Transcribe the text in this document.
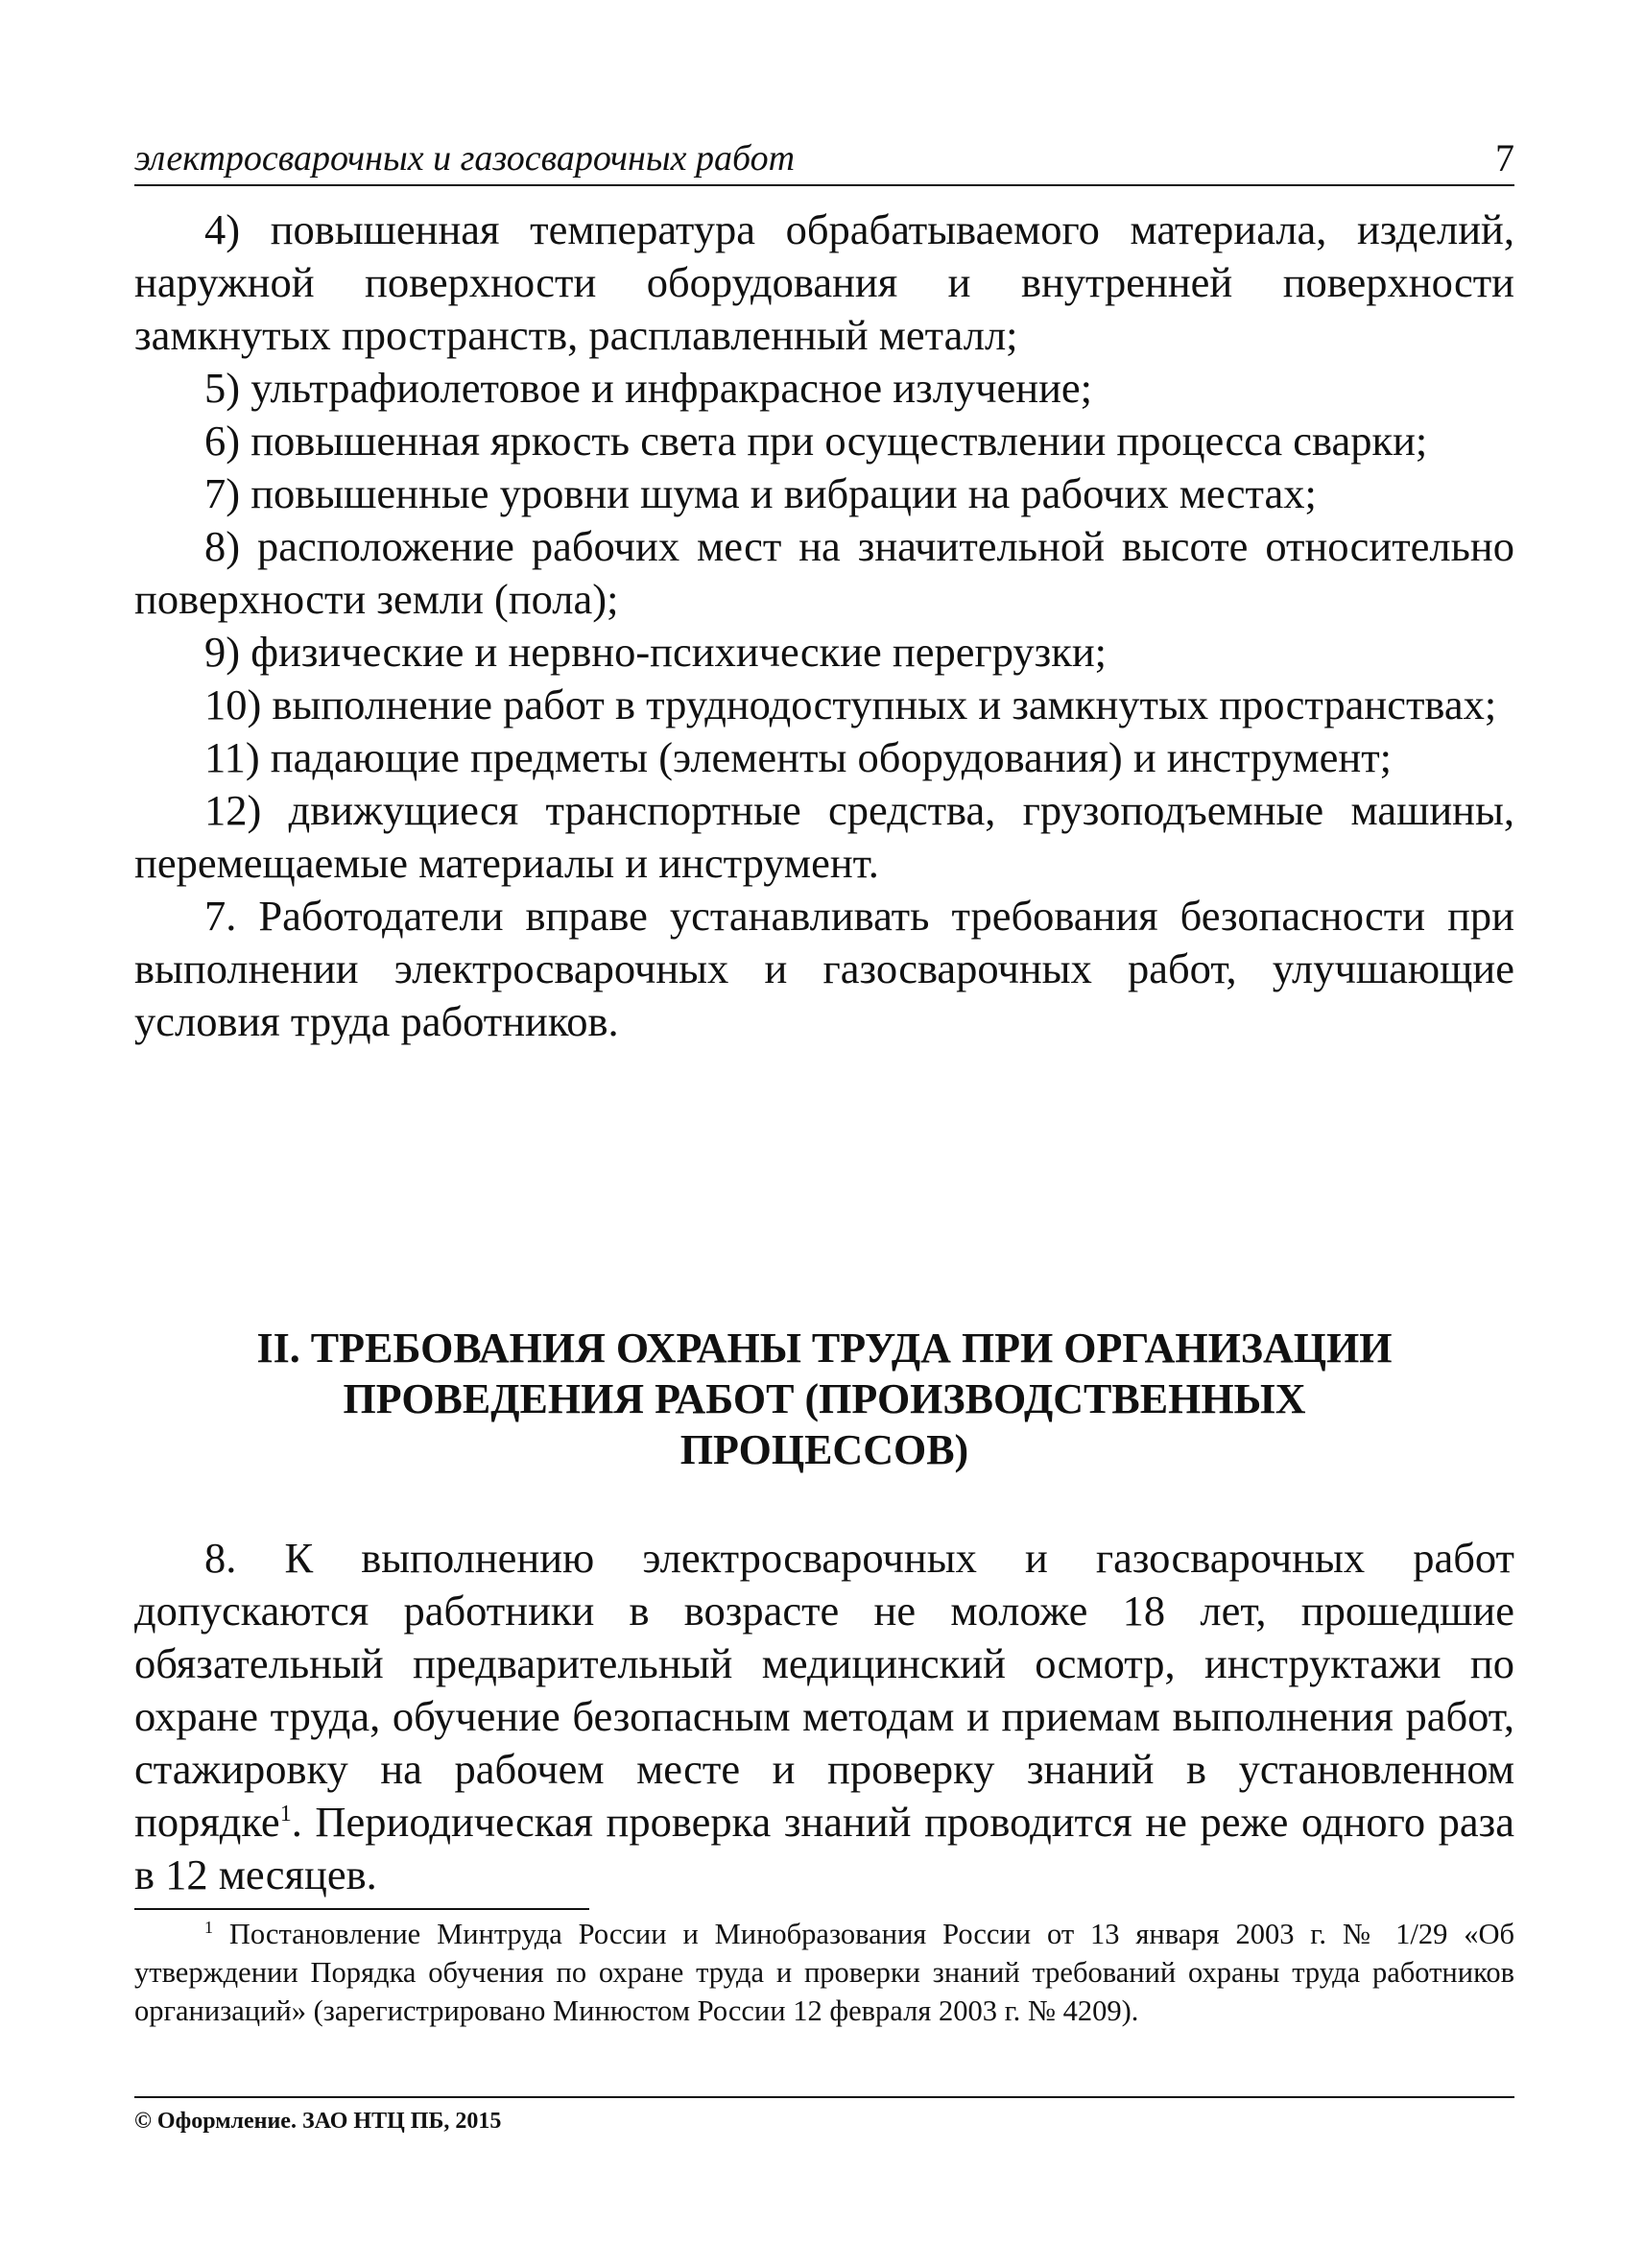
электросварочных и газосварочных работ	7

4) повышенная температура обрабатываемого материала, изделий, наружной поверхности оборудования и внутренней поверхности замкнутых пространств, расплавленный металл;

5) ультрафиолетовое и инфракрасное излучение;

6) повышенная яркость света при осуществлении процесса сварки;

7) повышенные уровни шума и вибрации на рабочих местах;

8) расположение рабочих мест на значительной высоте относительно поверхности земли (пола);

9) физические и нервно-психические перегрузки;

10) выполнение работ в труднодоступных и замкнутых пространствах;

11) падающие предметы (элементы оборудования) и инструмент;

12) движущиеся транспортные средства, грузоподъемные машины, перемещаемые материалы и инструмент.

7. Работодатели вправе устанавливать требования безопасности при выполнении электросварочных и газосварочных работ, улучшающие условия труда работников.

II. ТРЕБОВАНИЯ ОХРАНЫ ТРУДА ПРИ ОРГАНИЗАЦИИ
ПРОВЕДЕНИЯ РАБОТ (ПРОИЗВОДСТВЕННЫХ
ПРОЦЕССОВ)

8. К выполнению электросварочных и газосварочных работ допускаются работники в возрасте не моложе 18 лет, прошедшие обязательный предварительный медицинский осмотр, инструктажи по охране труда, обучение безопасным методам и приемам выполнения работ, стажировку на рабочем месте и проверку знаний в установленном порядке$^1$. Периодическая проверка знаний проводится не реже одного раза в 12 месяцев.

$^1$ Постановление Минтруда России и Минобразования России от 13 января 2003 г. № 1/29 «Об утверждении Порядка обучения по охране труда и проверки знаний требований охраны труда работников организаций» (зарегистрировано Минюстом России 12 февраля 2003 г. № 4209).

© Оформление. ЗАО НТЦ ПБ, 2015
